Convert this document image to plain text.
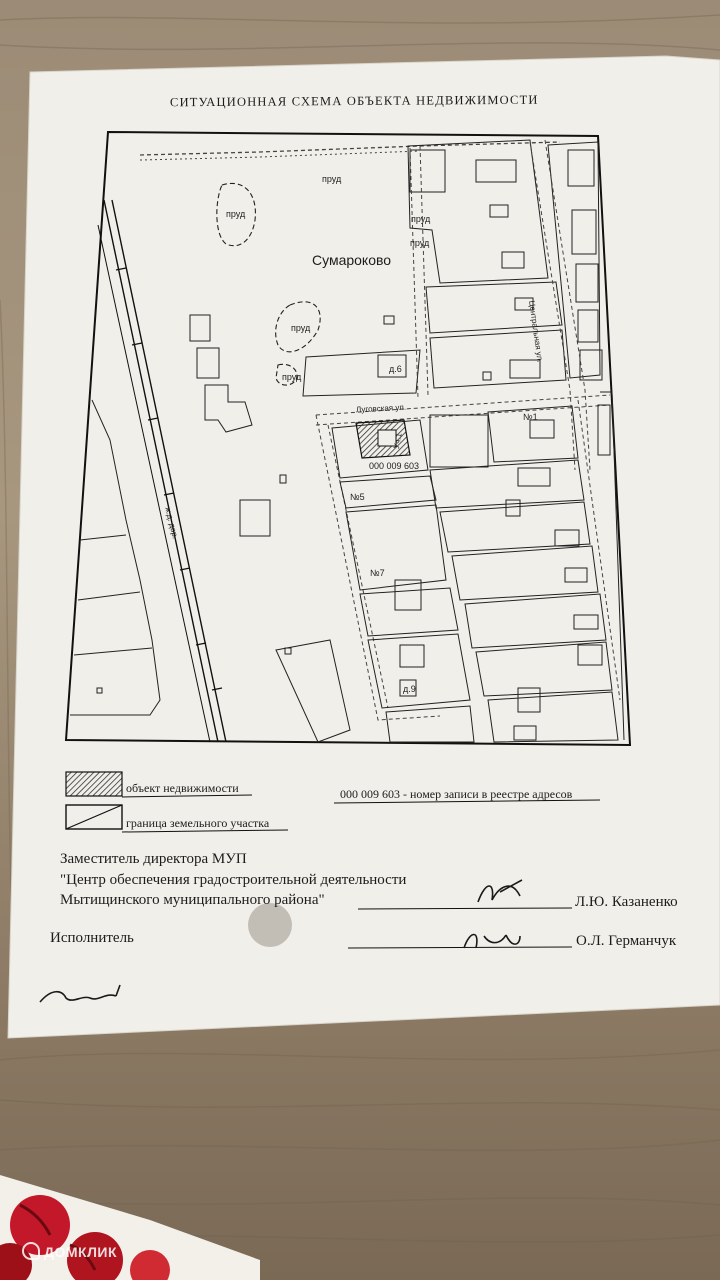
СИТУАЦИОННАЯ СХЕМА ОБЪЕКТА НЕДВИЖИМОСТИ
Сумароково
пруд
пруд
пруд
пруд
пруд
пруд
Луговская ул.
Центральная ул.
ж.д. дор.
Уч.1
000 009 603
№1
№5
д.6
№7
д.9
объект недвижимости
граница земельного участка
000 009 603 - номер записи в реестре адресов
Заместитель директора МУП
"Центр обеспечения градостроительной деятельности
Мытищинского муниципального района"	Л.Ю. Казаненко
Исполнитель	О.Л. Германчук
ДОМКЛИК
